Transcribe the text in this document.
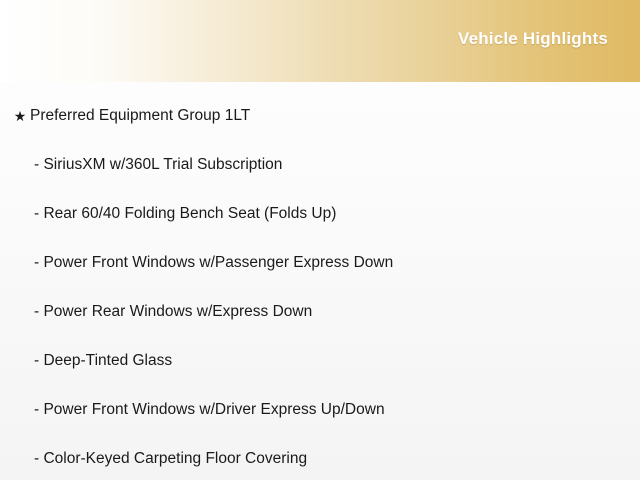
Vehicle Highlights
★ Preferred Equipment Group 1LT
- SiriusXM w/360L Trial Subscription
- Rear 60/40 Folding Bench Seat (Folds Up)
- Power Front Windows w/Passenger Express Down
- Power Rear Windows w/Express Down
- Deep-Tinted Glass
- Power Front Windows w/Driver Express Up/Down
- Color-Keyed Carpeting Floor Covering
